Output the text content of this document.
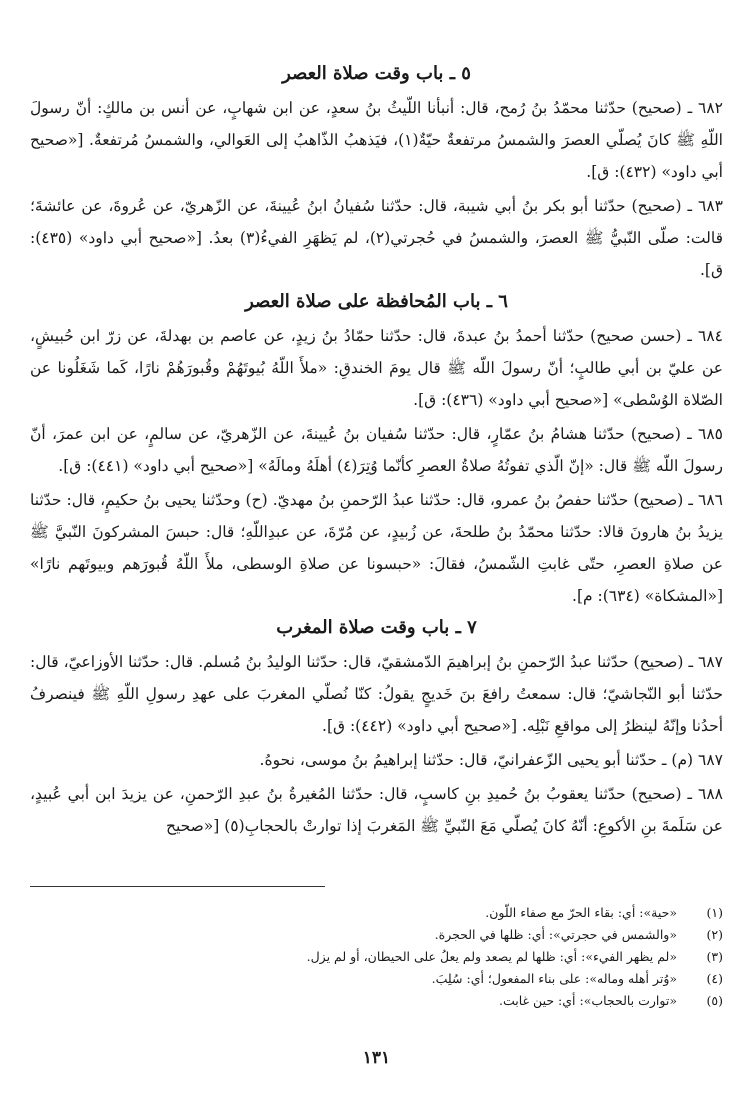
٥ ـ باب وقت صلاة العصر

٦٨٢ ـ (صحيح) حدّثنا محمّدُ بنُ رُمح، قال: أنبأنا اللّيثُ بنُ سعدٍ، عن ابن شهابٍ، عن أنس بن مالكٍ: أنّ رسولَ اللّهِ ﷺ كانَ يُصلّي العصرَ والشمسُ مرتفعةٌ حيّةٌ(١)، فيَذهبُ الذّاهبُ إلى العَوالي، والشمسُ مُرتفعةٌ. [«صحيح أبي داود» (٤٣٢): ق].

٦٨٣ ـ (صحيح) حدّثنا أبو بكر بنُ أبي شيبة، قال: حدّثنا سُفيانُ ابنُ عُيينةَ، عن الزّهريّ، عن عُروةَ، عن عائشةَ؛ قالت: صلّى النّبيُّ ﷺ العصرَ، والشمسُ في حُجرتي(٢)، لم يَظهَرِ الفيءُ(٣) بعدُ. [«صحيح أبي داود» (٤٣٥): ق].

٦ ـ باب المُحافظة على صلاة العصر

٦٨٤ ـ (حسن صحيح) حدّثنا أحمدُ بنُ عبدةَ، قال: حدّثنا حمّادُ بنُ زيدٍ، عن عاصم بن بهدلةَ، عن زرّ ابن حُبيشٍ، عن عليّ بن أبي طالبٍ؛ أنّ رسولَ اللّه ﷺ قال يومَ الخندقِ: «ملأَ اللّهُ بُيوتَهُمْ وقُبورَهُمْ نارًا، كَما شَغَلُونا عن الصّلاة الوُسْطى» [«صحيح أبي داود» (٤٣٦): ق].

٦٨٥ ـ (صحيح) حدّثنا هشامُ بنُ عمّارٍ، قال: حدّثنا سُفيان بنُ عُيينةَ، عن الزّهريّ، عن سالمٍ، عن ابن عمرَ، أنّ رسولَ اللّه ﷺ قال: «إنّ الّذي تفوتُهُ صلاةُ العصرِ كأنّما وُتِرَ(٤) أهلَهُ ومالَهُ» [«صحيح أبي داود» (٤٤١): ق].

٦٨٦ ـ (صحيح) حدّثنا حفصُ بنُ عمرو، قال: حدّثنا عبدُ الرّحمنِ بنُ مهديّ. (ح) وحدّثنا يحيى بنُ حكيمٍ، قال: حدّثنا يزيدُ بنُ هارونَ قالا: حدّثنا محمّدُ بنُ طلحةَ، عن زُبيدٍ، عن مُرّةَ، عن عبدِاللّهِ؛ قال: حبسَ المشركونَ النّبيَّ ﷺ عن صلاةِ العصرِ، حتّى غابتِ الشّمسُ، فقالَ: «حبسونا عن صلاةِ الوسطى، ملأَ اللّهُ قُبورَهم وبيوتَهم نارًا» [«المشكاة» (٦٣٤): م].

٧ ـ باب وقت صلاة المغرب

٦٨٧ ـ (صحيح) حدّثنا عبدُ الرّحمنِ بنُ إبراهيمَ الدّمشقيّ، قال: حدّثنا الوليدُ بنُ مُسلم. قال: حدّثنا الأوزاعيّ، قال: حدّثنا أبو النّجاشيّ؛ قال: سمعتُ رافعَ بنَ خَديجٍ يقولُ: كنّا نُصلّي المغربَ على عهدِ رسولِ اللّهِ ﷺ فينصرفُ أحدُنا وإنّهُ لينظرُ إلى مواقعِ نَبْلِه. [«صحيح أبي داود» (٤٤٢): ق].

٦٨٧ (م) ـ حدّثنا أبو يحيى الزّعفرانيّ، قال: حدّثنا إبراهيمُ بنُ موسى، نحوهُ.

٦٨٨ ـ (صحيح) حدّثنا يعقوبُ بنُ حُميدِ بنِ كاسبٍ، قال: حدّثنا المُغيرةُ بنُ عبدِ الرّحمنِ، عن يزيدَ ابن أبي عُبيدٍ، عن سَلَمةَ بنِ الأكوعِ: أنّهُ كانَ يُصلّي مَعَ النّبيِّ ﷺ المَغربَ إذا توارتْ بالحجابِ(٥) [«صحيح

(١)
«حية»: أي: بقاء الحرّ مع صفاء اللّون.
(٢)
«والشمس في حجرتي»: أي: ظلها في الحجرة.
(٣)
«لم يظهر الفيء»: أي: ظلها لم يصعد ولم يعلُ على الحيطان، أو لم يزل.
(٤)
«وُتر أهله وماله»: على بناء المفعول؛ أي: سُلِبَ.
(٥)
«توارت بالحجاب»: أي: حين غابت.
١٣١
